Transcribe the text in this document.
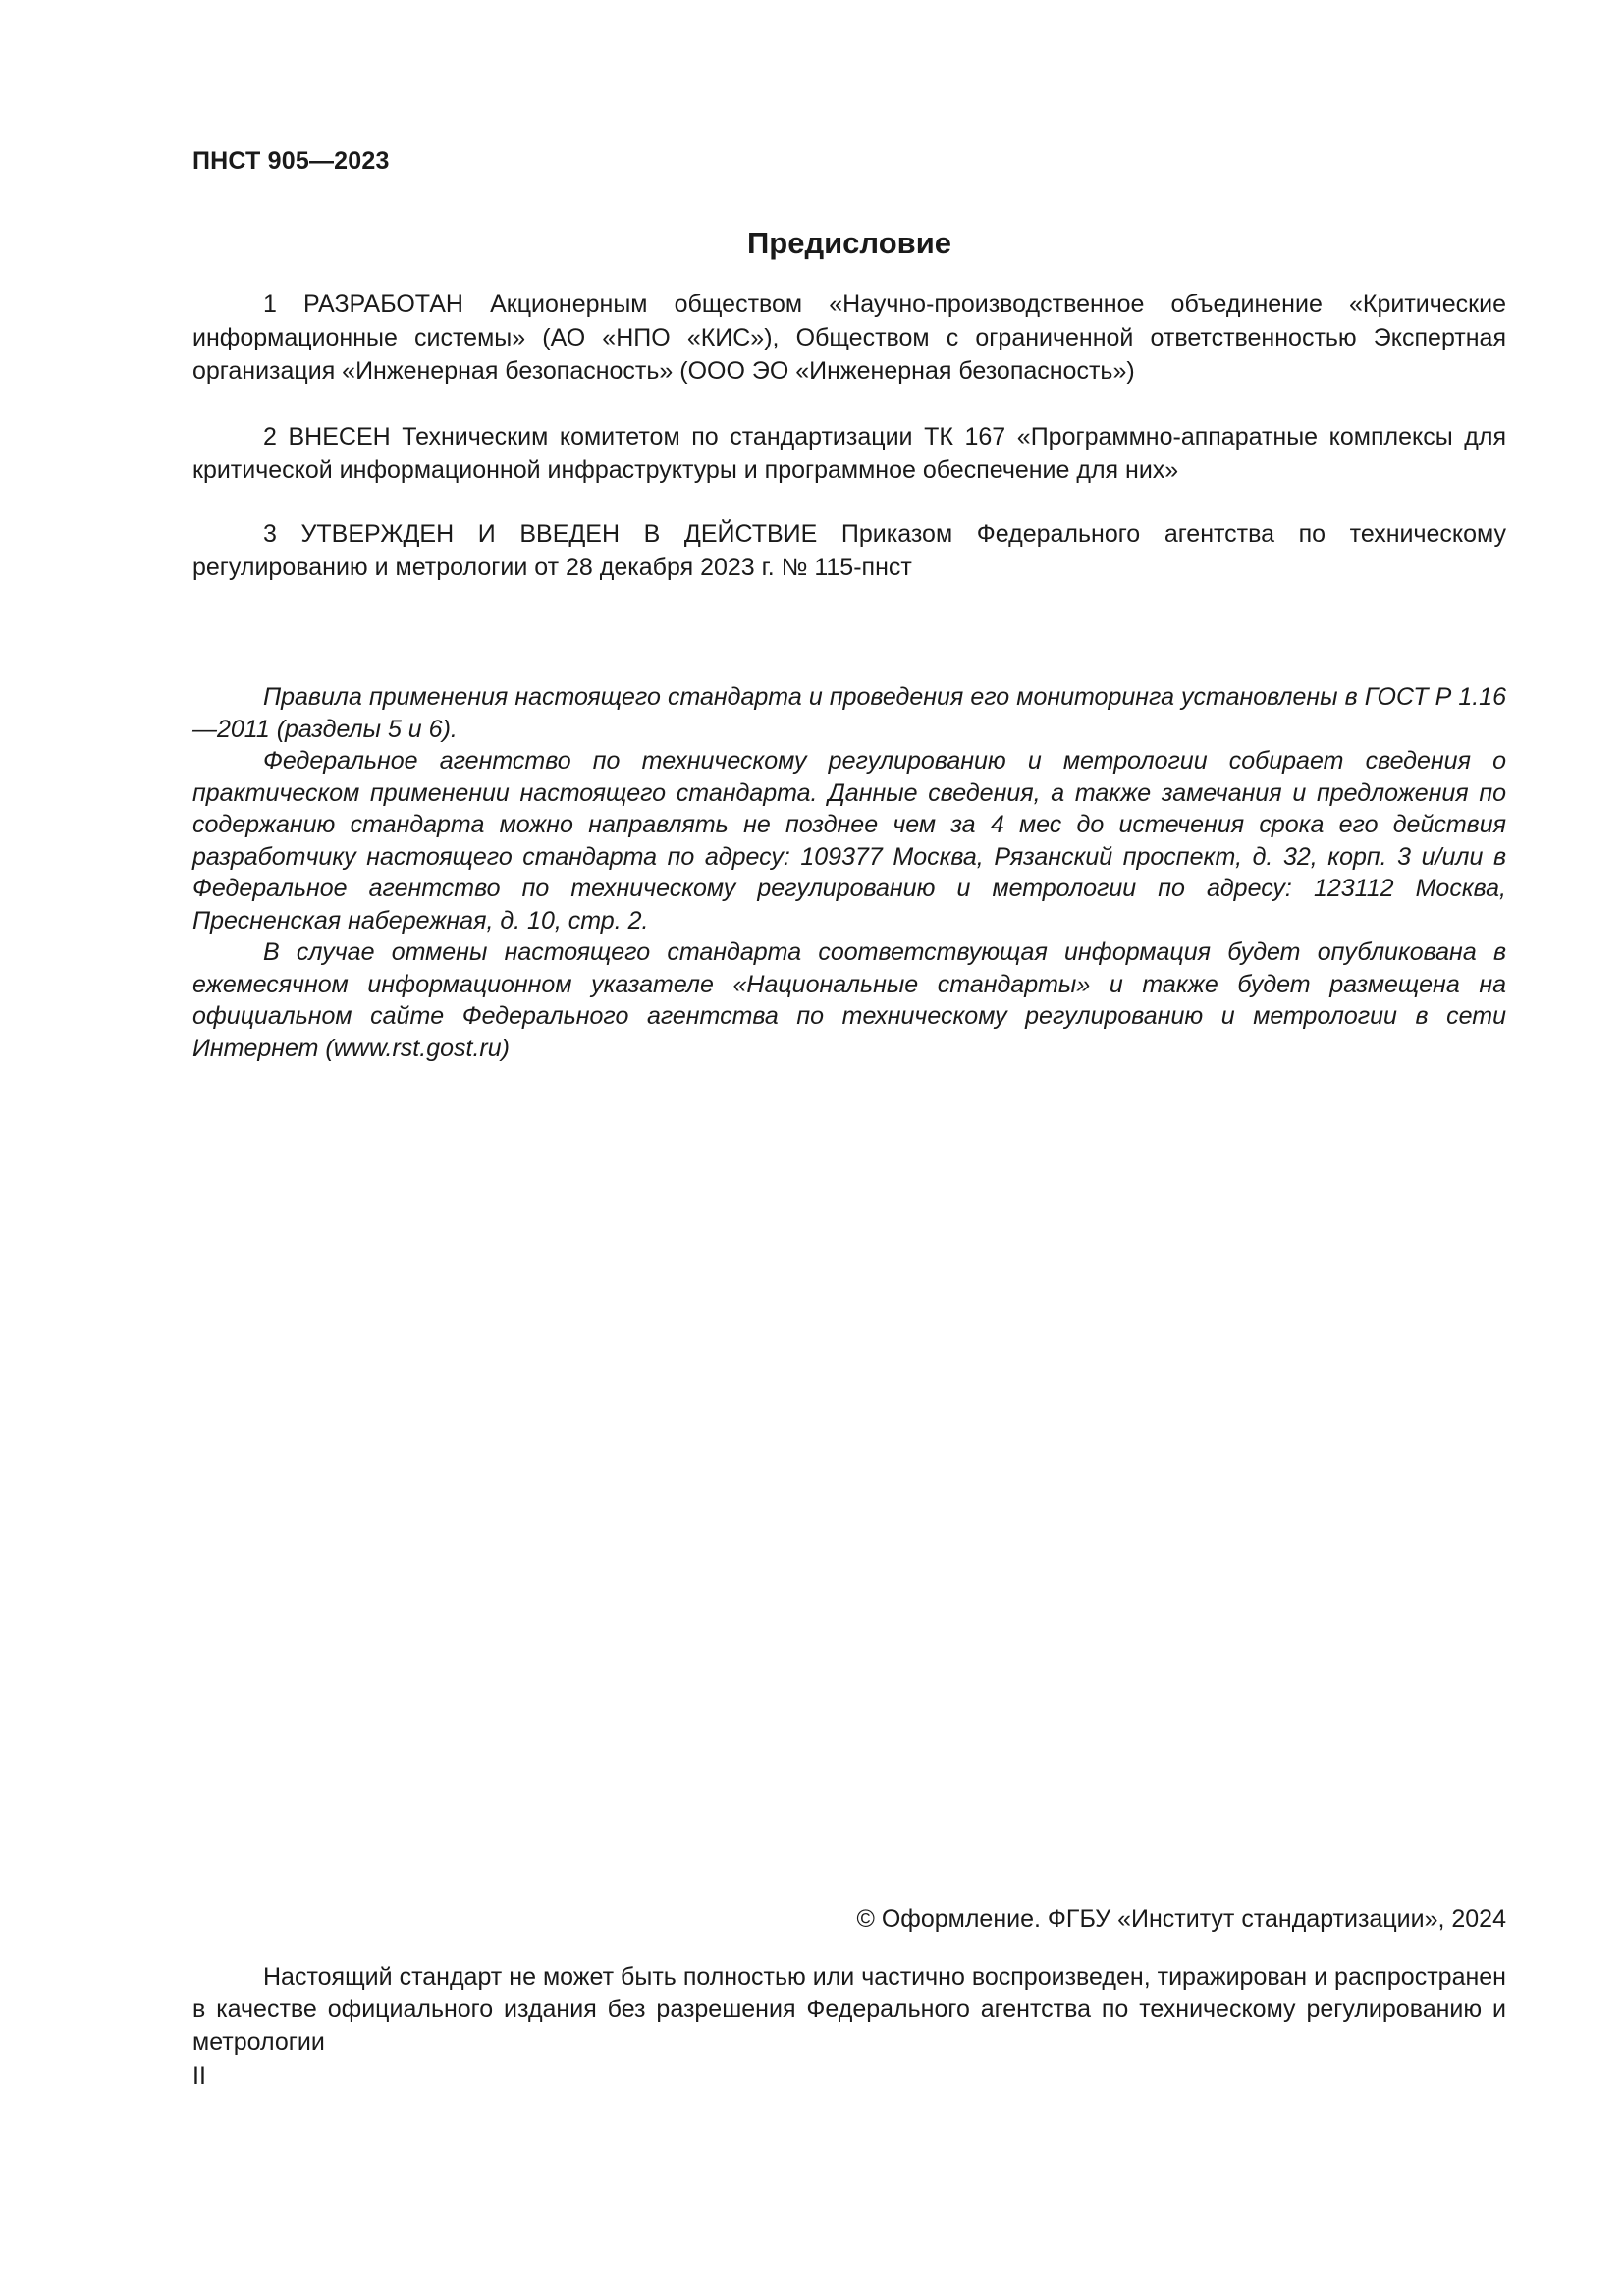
ПНСТ 905—2023
Предисловие

1 РАЗРАБОТАН Акционерным обществом «Научно-производственное объединение «Критические информационные системы» (АО «НПО «КИС»), Обществом с ограниченной ответственностью Экспертная организация «Инженерная безопасность» (ООО ЭО «Инженерная безопасность»)

2 ВНЕСЕН Техническим комитетом по стандартизации ТК 167 «Программно-аппаратные комплексы для критической информационной инфраструктуры и программное обеспечение для них»

3 УТВЕРЖДЕН И ВВЕДЕН В ДЕЙСТВИЕ Приказом Федерального агентства по техническому регулированию и метрологии от 28 декабря 2023 г. № 115-пнст

Правила применения настоящего стандарта и проведения его мониторинга установлены в ГОСТ Р 1.16—2011 (разделы 5 и 6).

Федеральное агентство по техническому регулированию и метрологии собирает сведения о практическом применении настоящего стандарта. Данные сведения, а также замечания и предложения по содержанию стандарта можно направлять не позднее чем за 4 мес до истечения срока его действия разработчику настоящего стандарта по адресу: 109377 Москва, Рязанский проспект, д. 32, корп. 3 и/или в Федеральное агентство по техническому регулированию и метрологии по адресу: 123112 Москва, Пресненская набережная, д. 10, стр. 2.

В случае отмены настоящего стандарта соответствующая информация будет опубликована в ежемесячном информационном указателе «Национальные стандарты» и также будет размещена на официальном сайте Федерального агентства по техническому регулированию и метрологии в сети Интернет (www.rst.gost.ru)

© Оформление. ФГБУ «Институт стандартизации», 2024

Настоящий стандарт не может быть полностью или частично воспроизведен, тиражирован и распространен в качестве официального издания без разрешения Федерального агентства по техническому регулированию и метрологии

II
